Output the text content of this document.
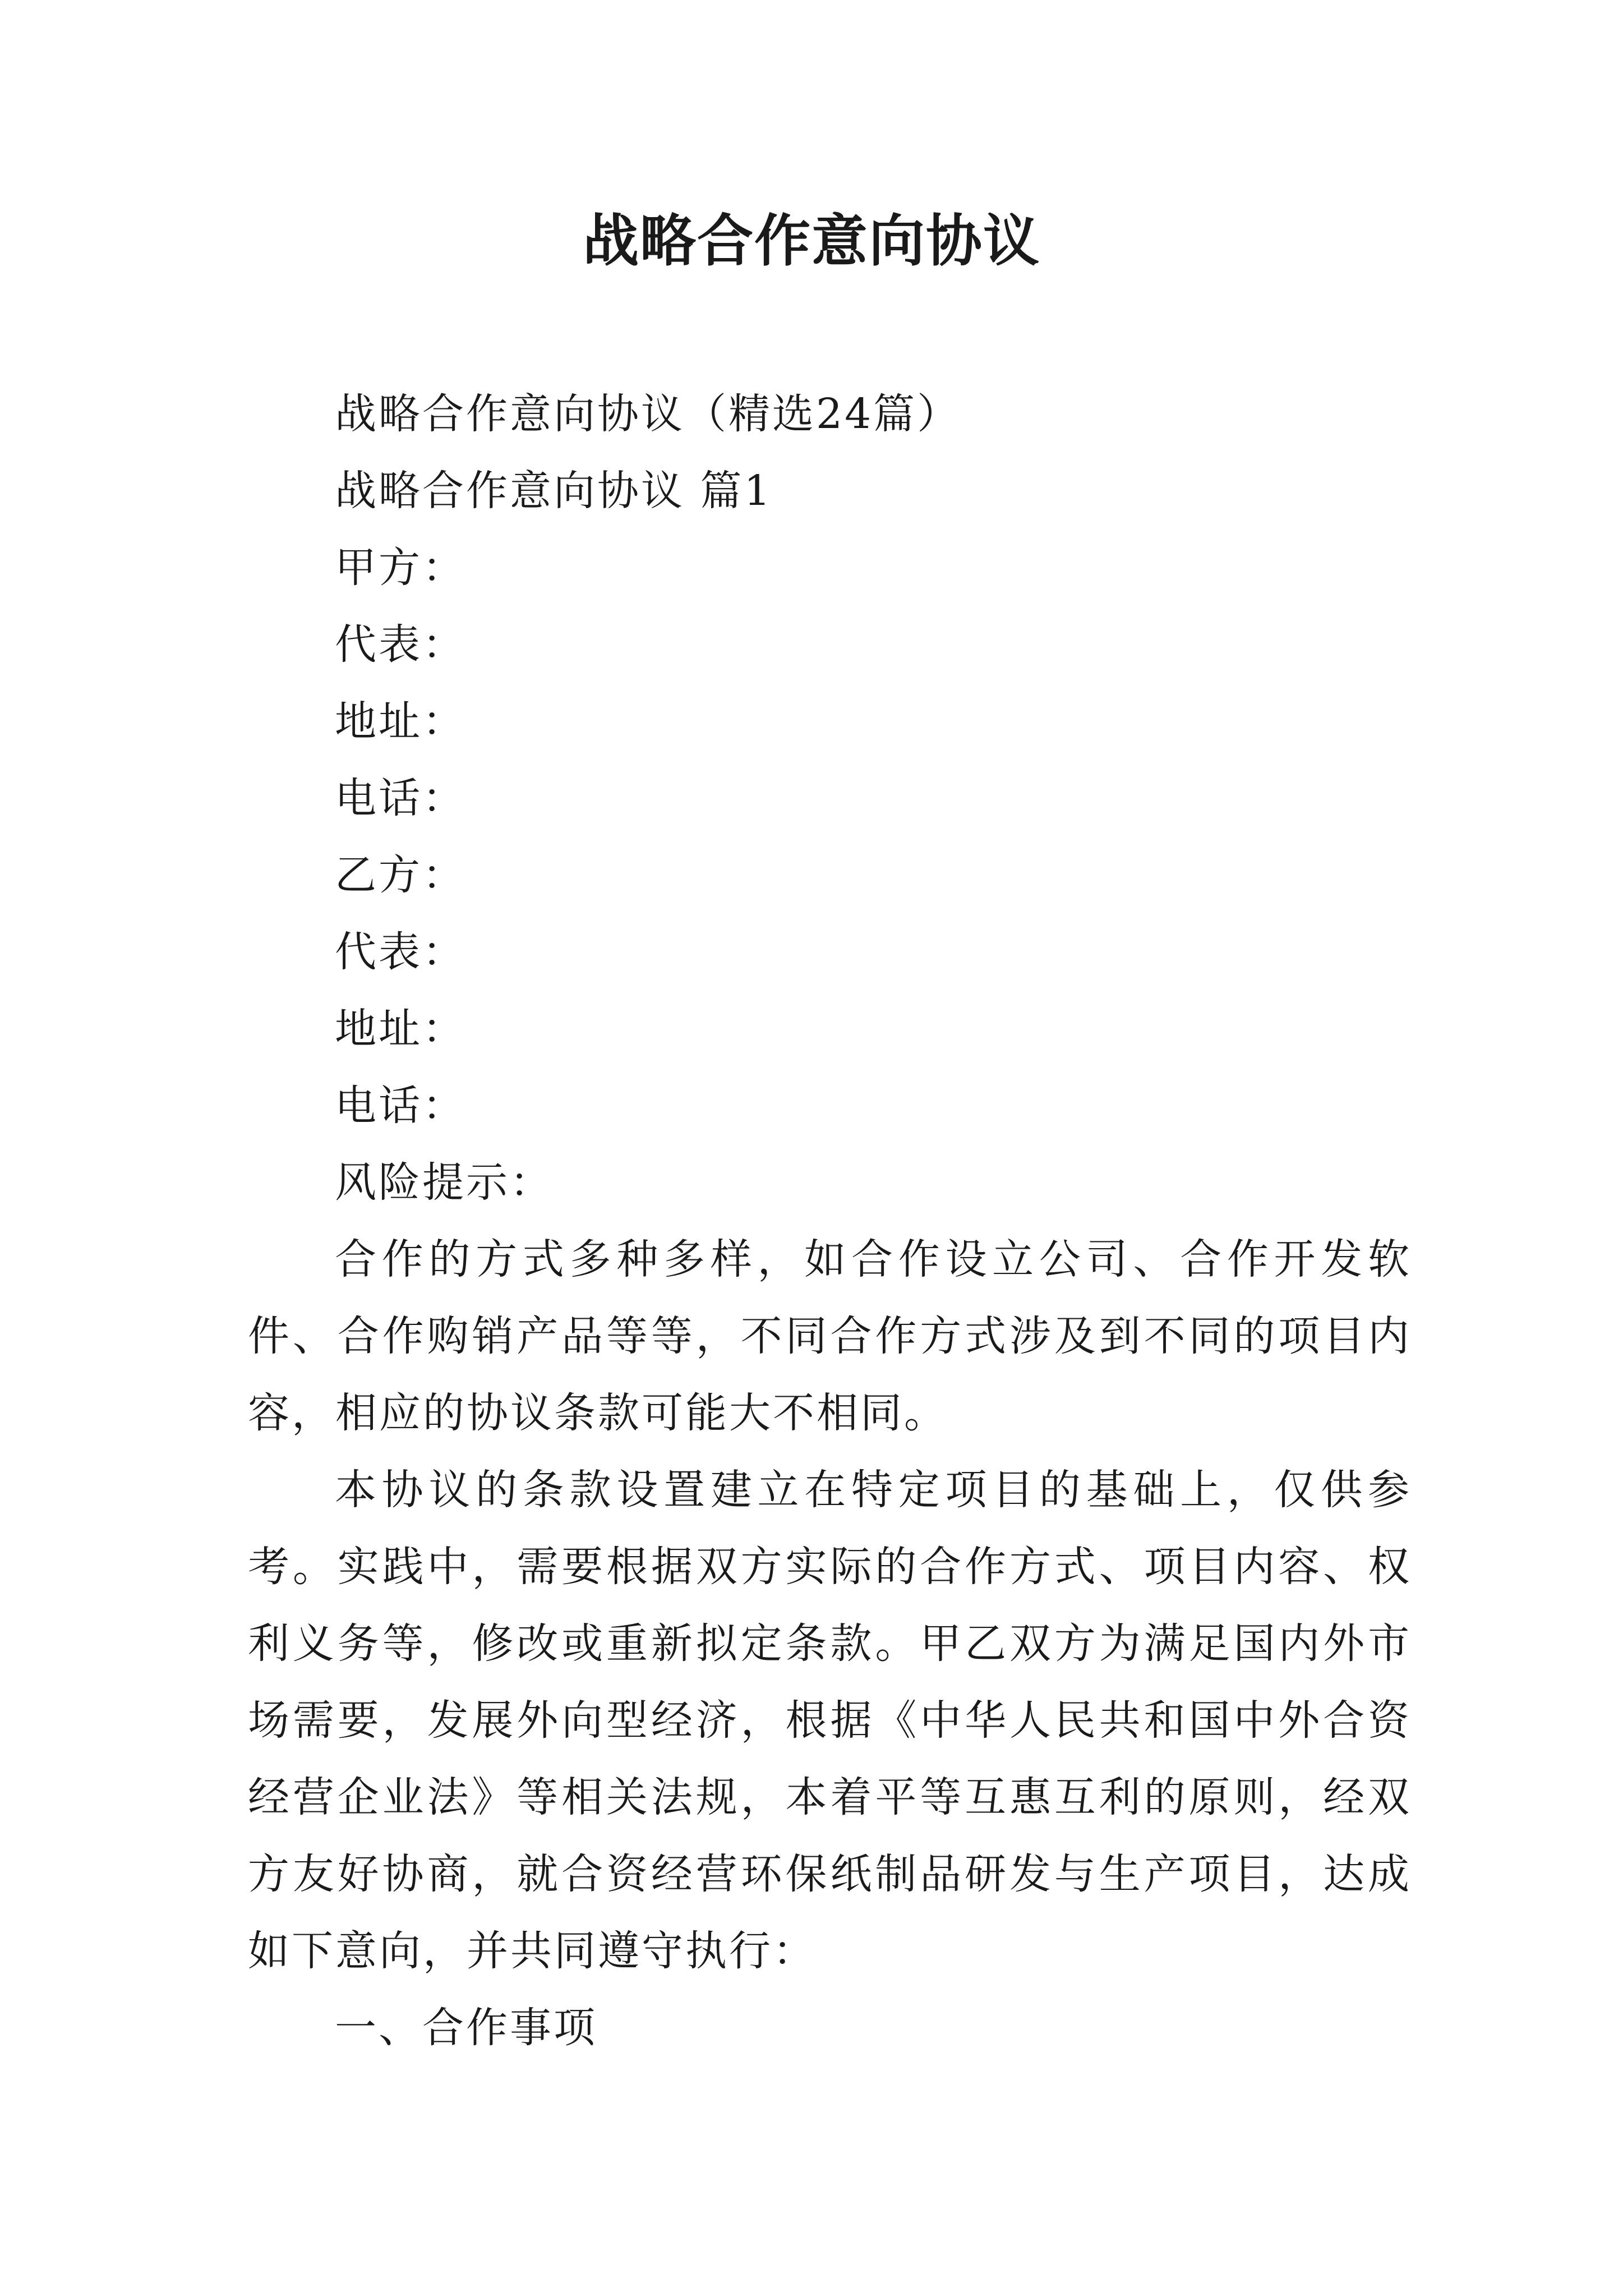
战略合作意向协议

战略合作意向协议（精选24篇）

战略合作意向协议 篇1

甲方：

代表：

地址：

电话：

乙方：

代表：

地址：

电话：

风险提示：

合作的方式多种多样，如合作设立公司、合作开发软件、合作购销产品等等，不同合作方式涉及到不同的项目内容，相应的协议条款可能大不相同。

本协议的条款设置建立在特定项目的基础上，仅供参考。实践中，需要根据双方实际的合作方式、项目内容、权利义务等，修改或重新拟定条款。甲乙双方为满足国内外市场需要，发展外向型经济，根据《中华人民共和国中外合资经营企业法》等相关法规，本着平等互惠互利的原则，经双方友好协商，就合资经营环保纸制品研发与生产项目，达成如下意向，并共同遵守执行：

一、合作事项
